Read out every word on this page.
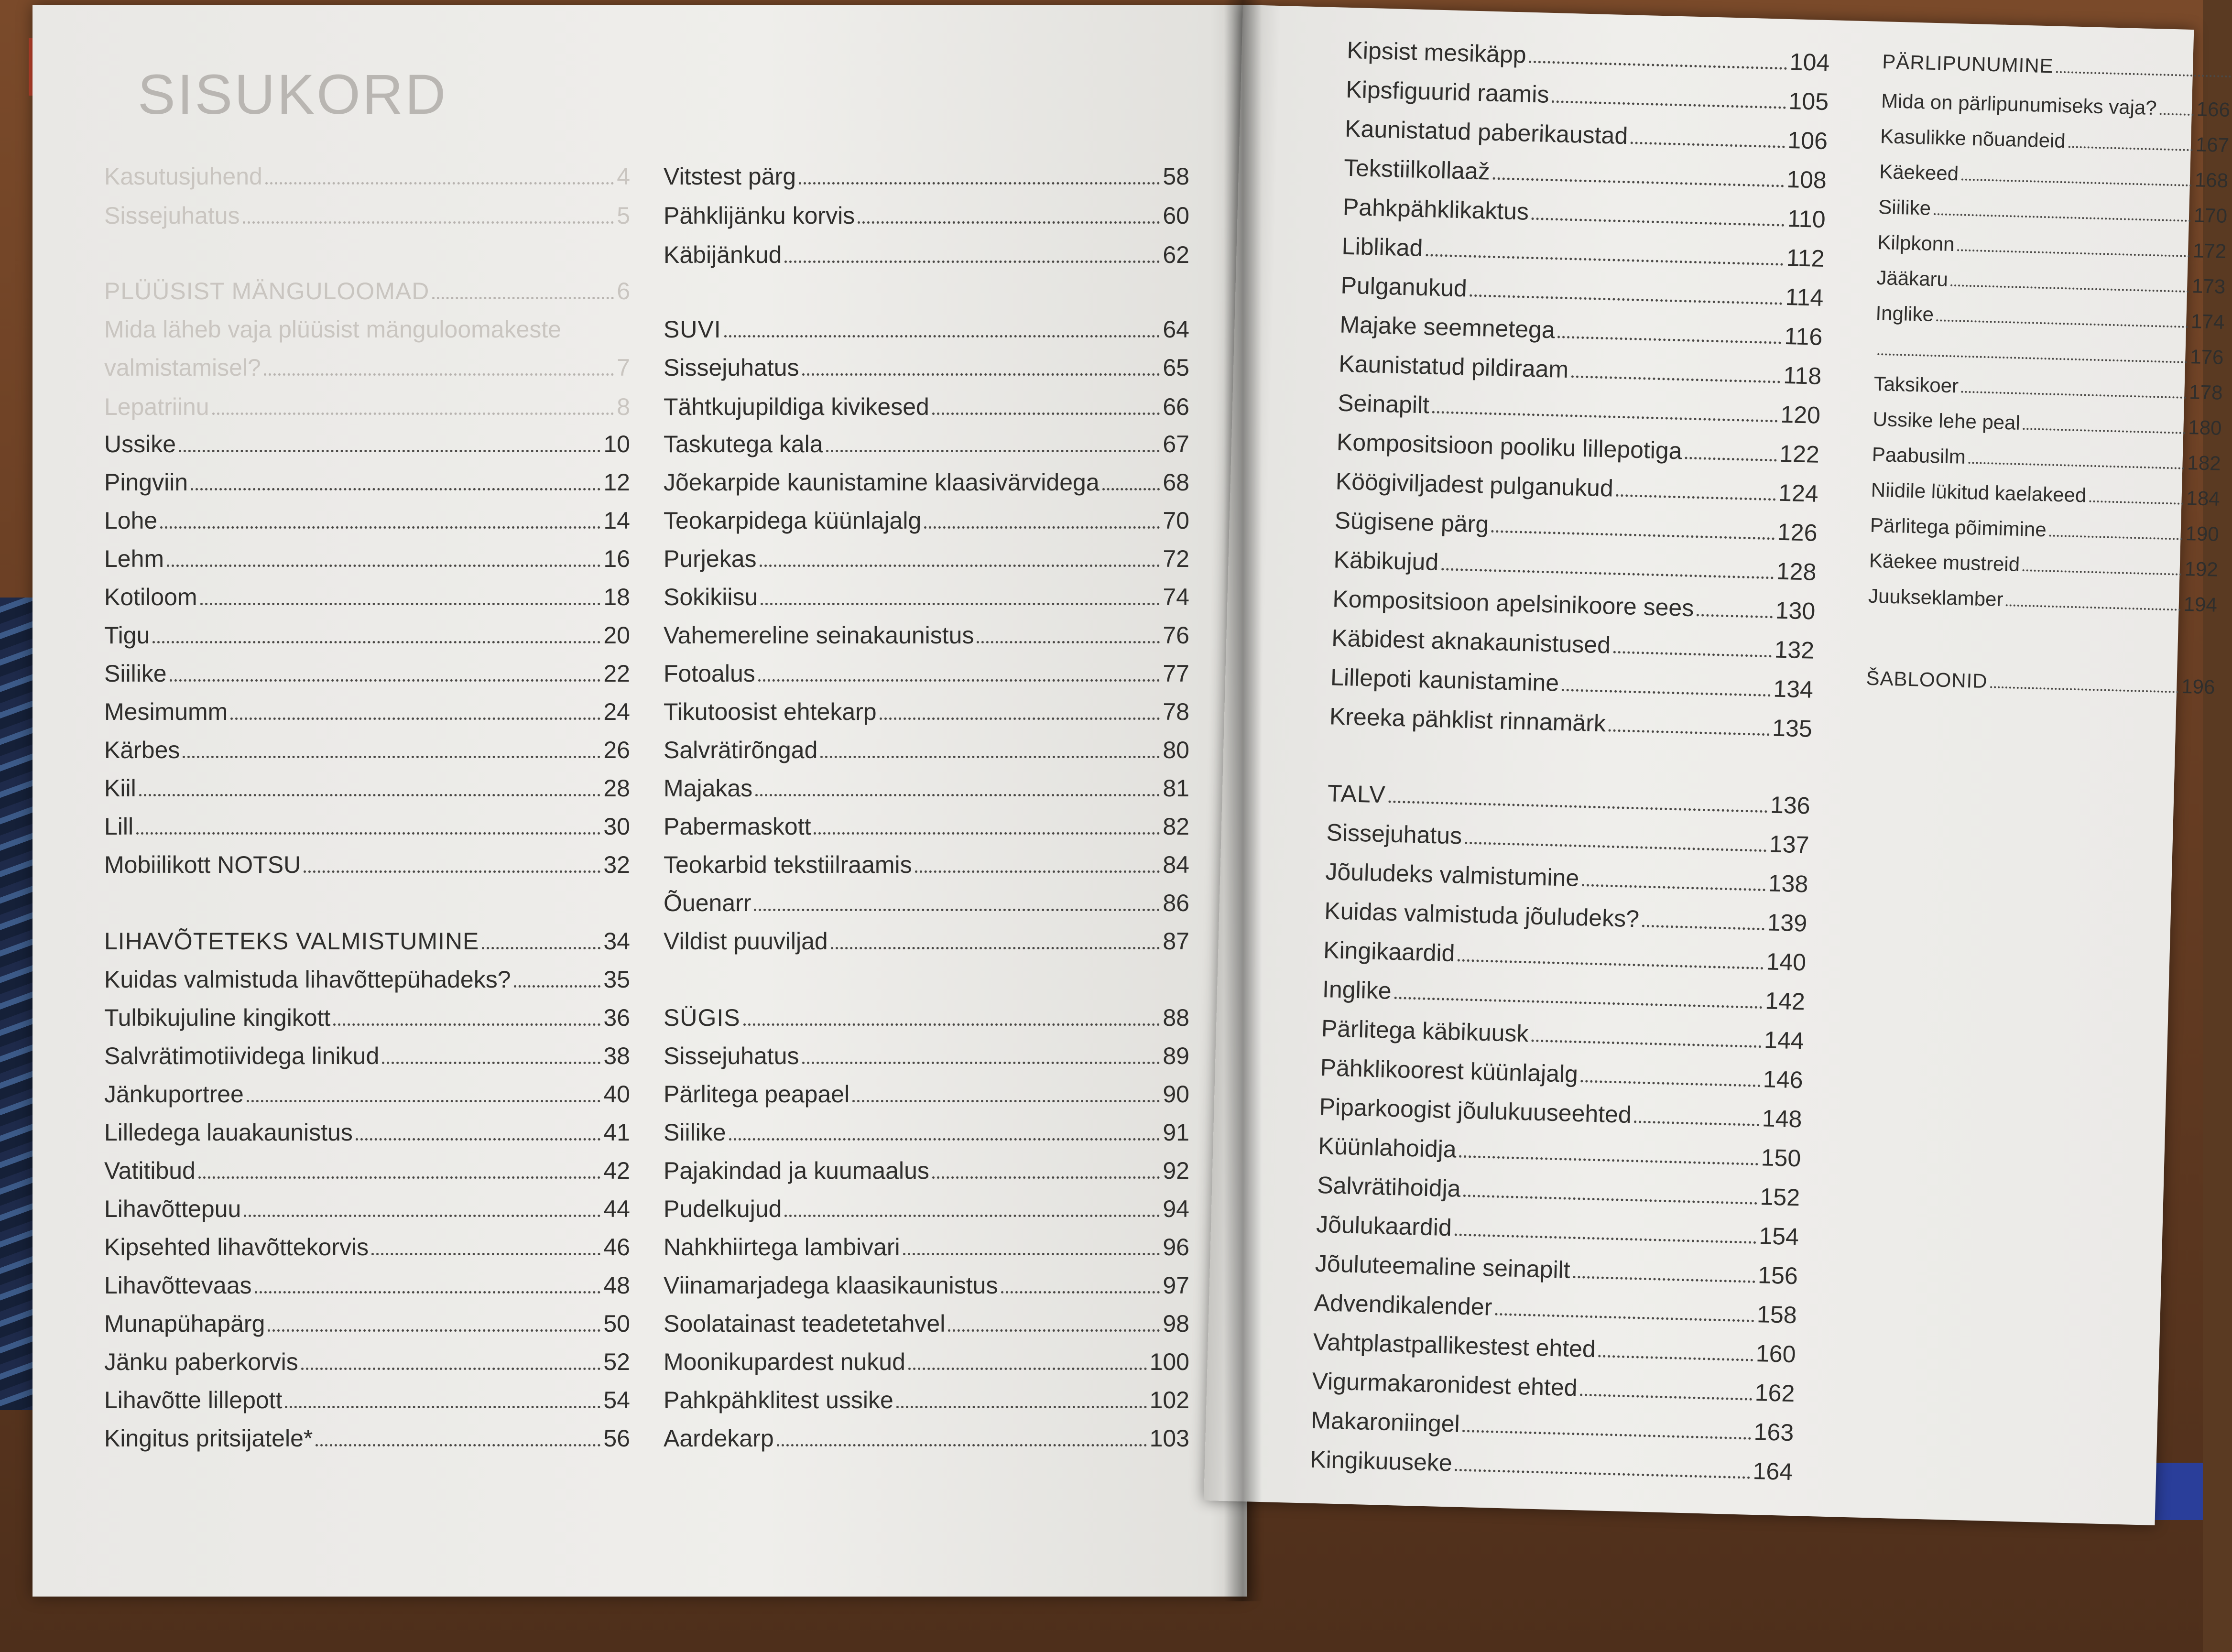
SISUKORD
Kasutusjuhend	4
Sissejuhatus	5
PLÜÜSIST MÄNGULOOMAD	6
Mida läheb vaja plüüsist mänguloomakeste
valmistamisel?	7
Lepatriinu	8
Ussike	10
Pingviin	12
Lohe	14
Lehm	16
Kotiloom	18
Tigu	20
Siilike	22
Mesimumm	24
Kärbes	26
Kiil	28
Lill	30
Mobiilikott NOTSU	32
LIHAVÕTETEKS VALMISTUMINE	34
Kuidas valmistuda lihavõttepühadeks?	35
Tulbikujuline kingikott	36
Salvrätimotiividega linikud	38
Jänkuportree	40
Lilledega lauakaunistus	41
Vatitibud	42
Lihavõttepuu	44
Kipsehted lihavõttekorvis	46
Lihavõttevaas	48
Munapühapärg	50
Jänku paberkorvis	52
Lihavõtte lillepott	54
Kingitus pritsijatele*	56
Vitstest pärg	58
Pähklijänku korvis	60
Käbijänkud	62
SUVI	64
Sissejuhatus	65
Tähtkujupildiga kivikesed	66
Taskutega kala	67
Jõekarpide kaunistamine klaasivärvidega	68
Teokarpidega küünlajalg	70
Purjekas	72
Sokikiisu	74
Vahemereline seinakaunistus	76
Fotoalus	77
Tikutoosist ehtekarp	78
Salvrätirõngad	80
Majakas	81
Pabermaskott	82
Teokarbid tekstiilraamis	84
Õuenarr	86
Vildist puuviljad	87
SÜGIS	88
Sissejuhatus	89
Pärlitega peapael	90
Siilike	91
Pajakindad ja kuumaalus	92
Pudelkujud	94
Nahkhiirtega lambivari	96
Viinamarjadega klaasikaunistus	97
Soolatainast teadetetahvel	98
Moonikupardest nukud	100
Pahkpähklitest ussike	102
Aardekarp	103
Kipsist mesikäpp	104
Kipsfiguurid raamis	105
Kaunistatud paberikaustad	106
Tekstiilkollaaž	108
Pahkpähklikaktus	110
Liblikad	112
Pulganukud	114
Majake seemnetega	116
Kaunistatud pildiraam	118
Seinapilt	120
Kompositsioon pooliku lillepotiga	122
Köögiviljadest pulganukud	124
Sügisene pärg	126
Käbikujud	128
Kompositsioon apelsinikoore sees	130
Käbidest aknakaunistused	132
Lillepoti kaunistamine	134
Kreeka pähklist rinnamärk	135
TALV	136
Sissejuhatus	137
Jõuludeks valmistumine	138
Kuidas valmistuda jõuludeks?	139
Kingikaardid	140
Inglike	142
Pärlitega käbikuusk	144
Pähklikoorest küünlajalg	146
Piparkoogist jõulukuuseehted	148
Küünlahoidja	150
Salvrätihoidja	152
Jõulukaardid	154
Jõuluteemaline seinapilt	156
Advendikalender	158
Vahtplastpallikestest ehted	160
Vigurmakaronidest ehted	162
Makaroniingel	163
Kingikuuseke	164
PÄRLIPUNUMINE
Mida on pärlipunumiseks vaja? 166
Kasulikke nõuandeid	167
Käekeed	168
Siilike	170
Kilpkonn	172
Jääkaru	173
Inglike	174
176
Taksikoer	178
Ussike lehe peal	180
Paabusilm	182
Niidile lükitud kaelakeed	184
Pärlitega põimimine	190
Käekee mustreid	192
Juukseklamber	194
ŠABLOONID	196
